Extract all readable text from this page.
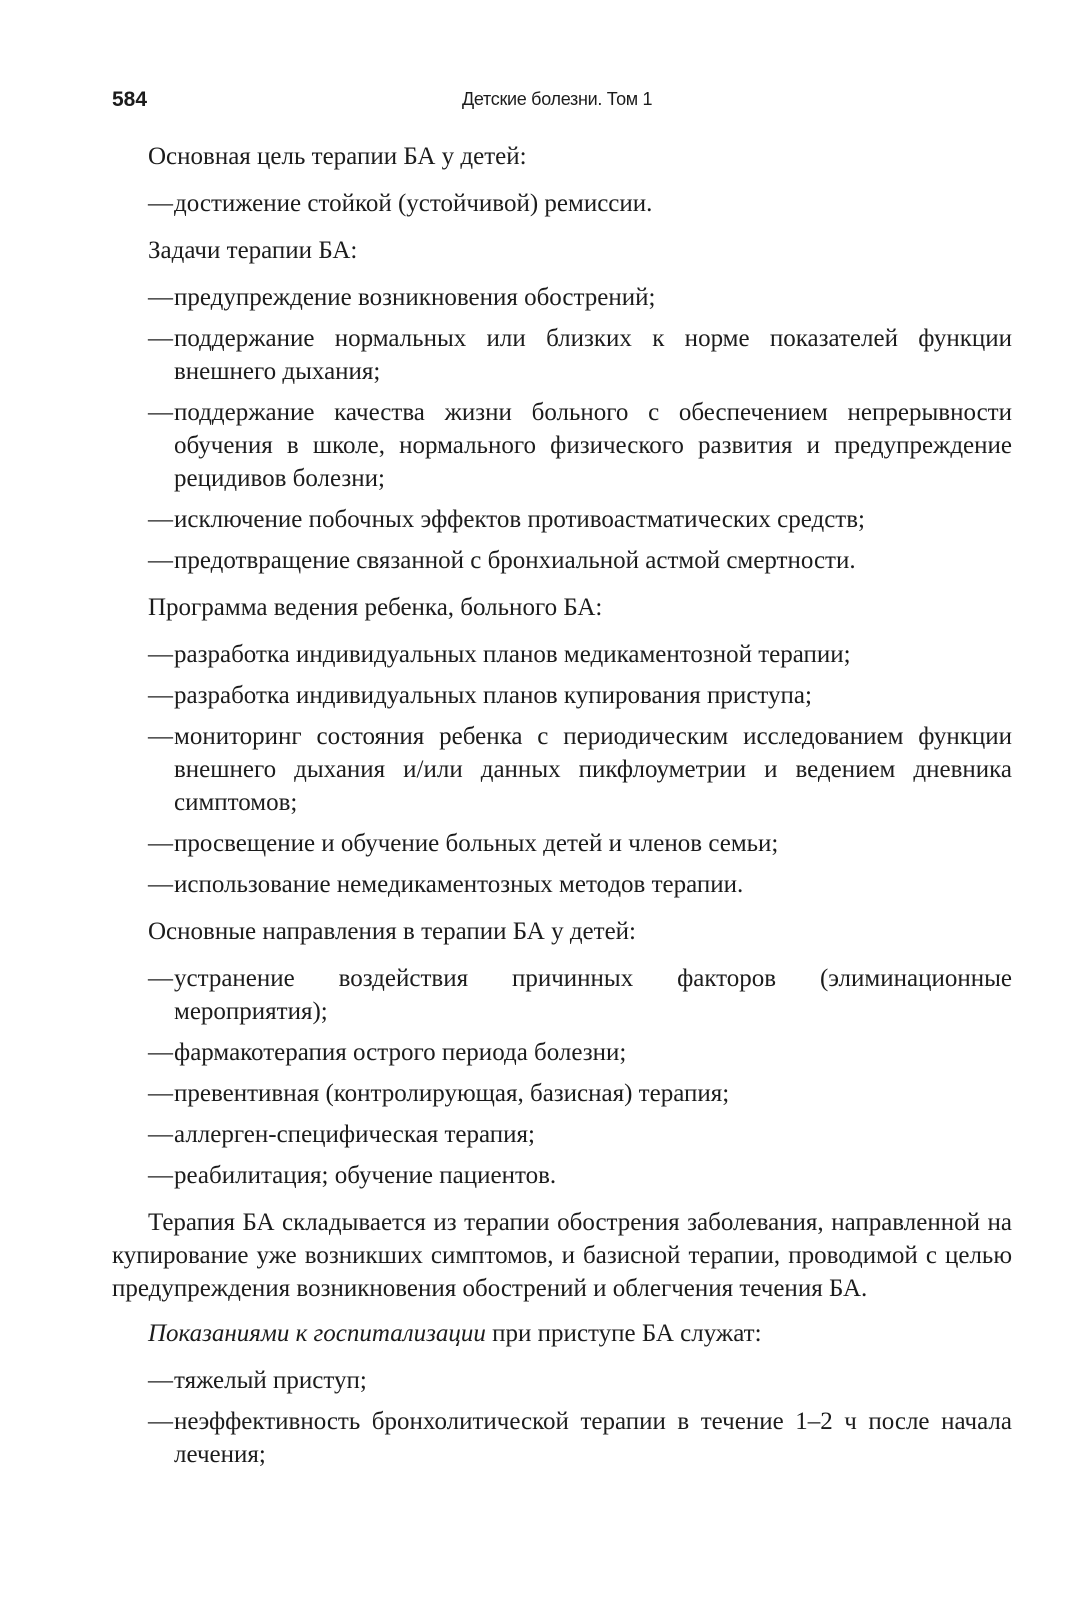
584	Детские болезни. Том 1

Основная цель терапии БА у детей:

— достижение стойкой (устойчивой) ремиссии.

Задачи терапии БА:

— предупреждение возникновения обострений;
— поддержание нормальных или близких к норме показателей функции внешнего дыхания;
— поддержание качества жизни больного с обеспечением непрерывности обучения в школе, нормального физического развития и предупреждение рецидивов болезни;
— исключение побочных эффектов противоастматических средств;
— предотвращение связанной с бронхиальной астмой смертности.

Программа ведения ребенка, больного БА:

— разработка индивидуальных планов медикаментозной терапии;
— разработка индивидуальных планов купирования приступа;
— мониторинг состояния ребенка с периодическим исследованием функции внешнего дыхания и/или данных пикфлоуметрии и ведением дневника симптомов;
— просвещение и обучение больных детей и членов семьи;
— использование немедикаментозных методов терапии.

Основные направления в терапии БА у детей:

— устранение воздействия причинных факторов (элиминационные мероприятия);
— фармакотерапия острого периода болезни;
— превентивная (контролирующая, базисная) терапия;
— аллерген-специфическая терапия;
— реабилитация; обучение пациентов.

Терапия БА складывается из терапии обострения заболевания, направленной на купирование уже возникших симптомов, и базисной терапии, проводимой с целью предупреждения возникновения обострений и облегчения течения БА.

Показаниями к госпитализации при приступе БА служат:

— тяжелый приступ;
— неэффективность бронхолитической терапии в течение 1–2 ч после начала лечения;
